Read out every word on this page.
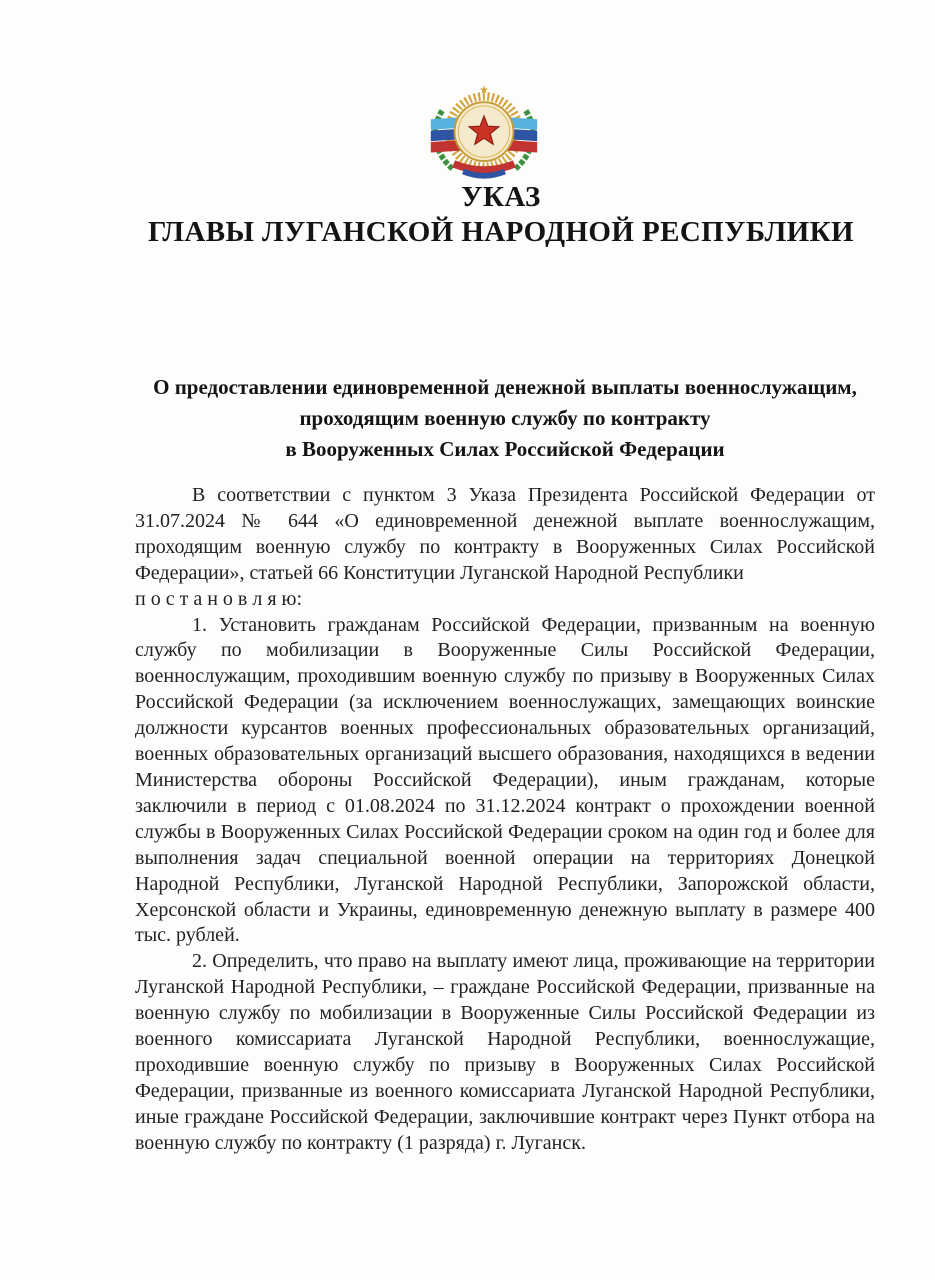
УКАЗ
ГЛАВЫ ЛУГАНСКОЙ НАРОДНОЙ РЕСПУБЛИКИ
О предоставлении единовременной денежной выплаты военнослужащим,
проходящим военную службу по контракту
в Вооруженных Силах Российской Федерации

В соответствии с пунктом 3 Указа Президента Российской Федерации от 31.07.2024 № 644 «О единовременной денежной выплате военнослужащим, проходящим военную службу по контракту в Вооруженных Силах Российской Федерации», статьей 66 Конституции Луганской Народной Республики

п о с т а н о в л я ю:

1. Установить гражданам Российской Федерации, призванным на военную службу по мобилизации в Вооруженные Силы Российской Федерации, военнослужащим, проходившим военную службу по призыву в Вооруженных Силах Российской Федерации (за исключением военнослужащих, замещающих воинские должности курсантов военных профессиональных образовательных организаций, военных образовательных организаций высшего образования, находящихся в ведении Министерства обороны Российской Федерации), иным гражданам, которые заключили в период с 01.08.2024 по 31.12.2024 контракт о прохождении военной службы в Вооруженных Силах Российской Федерации сроком на один год и более для выполнения задач специальной военной операции на территориях Донецкой Народной Республики, Луганской Народной Республики, Запорожской области, Херсонской области и Украины, единовременную денежную выплату в размере 400 тыс. рублей.

2. Определить, что право на выплату имеют лица, проживающие на территории Луганской Народной Республики, – граждане Российской Федерации, призванные на военную службу по мобилизации в Вооруженные Силы Российской Федерации из военного комиссариата Луганской Народной Республики, военнослужащие, проходившие военную службу по призыву в Вооруженных Силах Российской Федерации, призванные из военного комиссариата Луганской Народной Республики, иные граждане Российской Федерации, заключившие контракт через Пункт отбора на военную службу по контракту (1 разряда) г. Луганск.
